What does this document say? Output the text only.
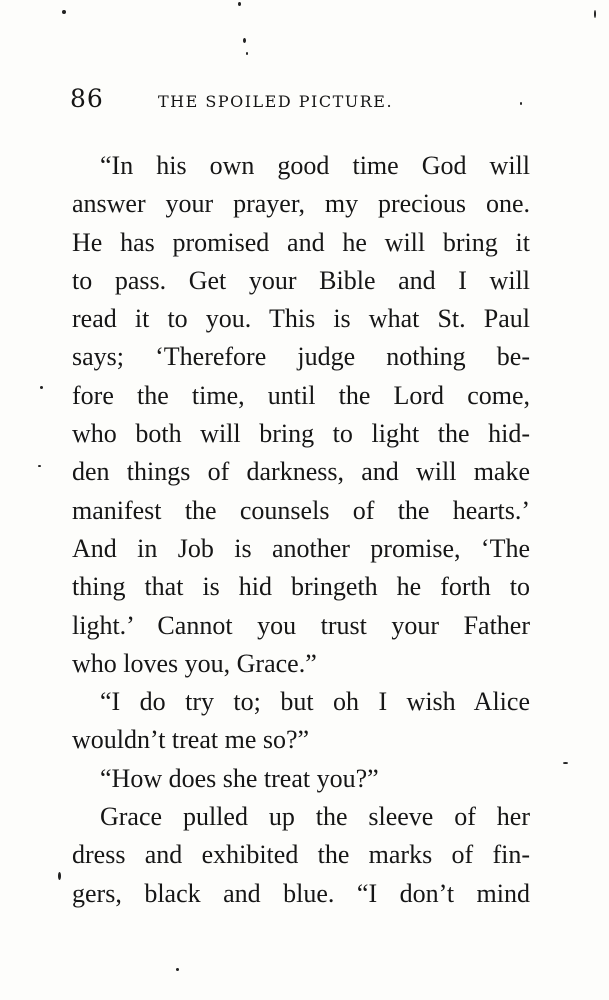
86	THE SPOILED PICTURE.
“In his own good time God will
answer your prayer, my precious one.
He has promised and he will bring it
to pass. Get your Bible and I will
read it to you. This is what St. Paul
says; ‘Therefore judge nothing be-
fore the time, until the Lord come,
who both will bring to light the hid-
den things of darkness, and will make
manifest the counsels of the hearts.’
And in Job is another promise, ‘The
thing that is hid bringeth he forth to
light.’ Cannot you trust your Father
who loves you, Grace.”
“I do try to; but oh I wish Alice
wouldn’t treat me so?”
“How does she treat you?”
Grace pulled up the sleeve of her
dress and exhibited the marks of fin-
gers, black and blue. “I don’t mind
